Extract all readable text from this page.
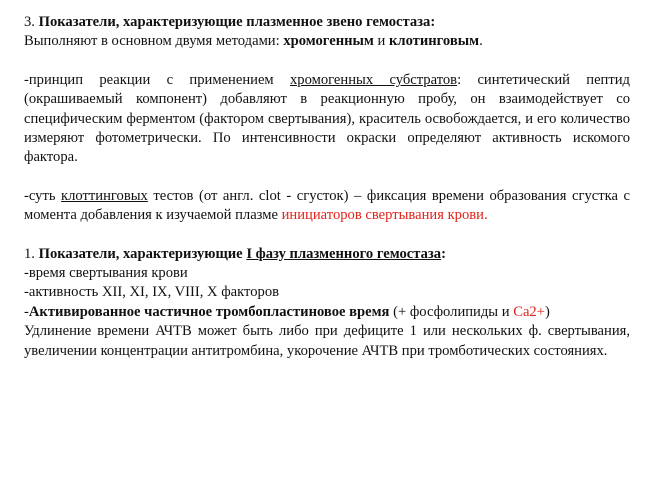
3. Показатели, характеризующие плазменное звено гемостаза:

Выполняют в основном двумя методами: хромогенным и клотинговым.

-принцип реакции с применением хромогенных субстратов: синтетический пептид (окрашиваемый компонент) добавляют в реакционную пробу, он взаимодействует со специфическим ферментом (фактором свертывания), краситель освобождается, и его количество измеряют фотометрически. По интенсивности окраски определяют активность искомого фактора.

-суть клоттинговых тестов (от англ. clot - сгусток) – фиксация времени образования сгустка с момента добавления к изучаемой плазме инициаторов свертывания крови.

1. Показатели, характеризующие I фазу плазменного гемостаза:

-время свертывания крови

-активность XII, XI, IX, VIII, X факторов

-Активированное частичное тромбопластиновое время (+ фосфолипиды и Ca2+)

Удлинение времени АЧТВ может быть либо при дефиците 1 или нескольких ф. свертывания, увеличении концентрации антитромбина, укорочение АЧТВ при тромботических состояниях.
